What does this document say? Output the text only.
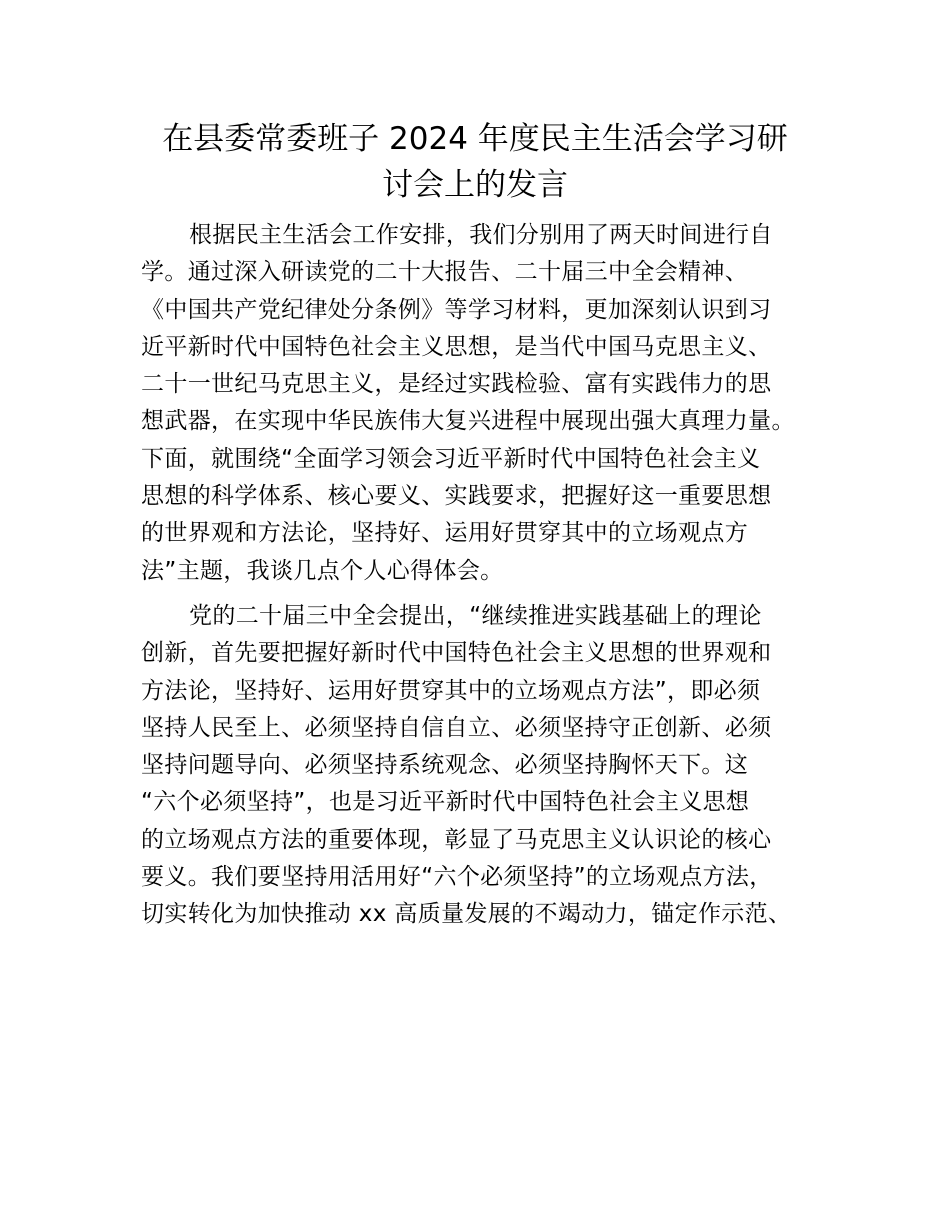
在县委常委班子 2024 年度民主生活会学习研
讨会上的发言

根据民主生活会工作安排，我们分别用了两天时间进行自
学。通过深入研读党的二十大报告、二十届三中全会精神、
《中国共产党纪律处分条例》等学习材料，更加深刻认识到习
近平新时代中国特色社会主义思想，是当代中国马克思主义、
二十一世纪马克思主义，是经过实践检验、富有实践伟力的思
想武器，在实现中华民族伟大复兴进程中展现出强大真理力量。
下面，就围绕“全面学习领会习近平新时代中国特色社会主义
思想的科学体系、核心要义、实践要求，把握好这一重要思想
的世界观和方法论，坚持好、运用好贯穿其中的立场观点方
法”主题，我谈几点个人心得体会。

党的二十届三中全会提出，“继续推进实践基础上的理论
创新，首先要把握好新时代中国特色社会主义思想的世界观和
方法论，坚持好、运用好贯穿其中的立场观点方法”，即必须
坚持人民至上、必须坚持自信自立、必须坚持守正创新、必须
坚持问题导向、必须坚持系统观念、必须坚持胸怀天下。这
“六个必须坚持”，也是习近平新时代中国特色社会主义思想
的立场观点方法的重要体现，彰显了马克思主义认识论的核心
要义。我们要坚持用活用好“六个必须坚持”的立场观点方法，
切实转化为加快推动 xx 高质量发展的不竭动力，锚定作示范、
